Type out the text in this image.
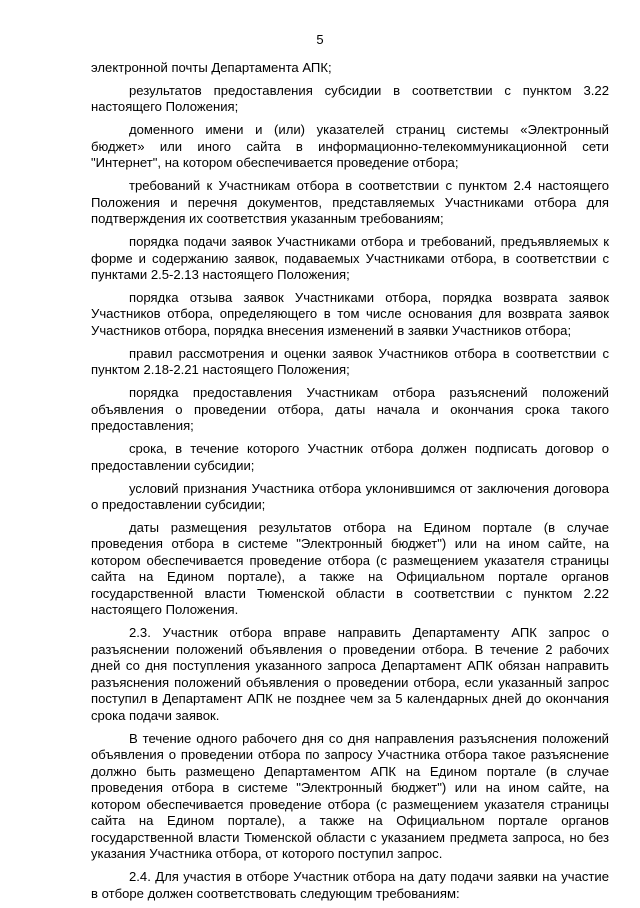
5

электронной почты Департамента АПК;

результатов предоставления субсидии в соответствии с пунктом 3.22 настоящего Положения;

доменного имени и (или) указателей страниц системы «Электронный бюджет» или иного сайта в информационно-телекоммуникационной сети "Интернет", на котором обеспечивается проведение отбора;

требований к Участникам отбора в соответствии с пунктом 2.4 настоящего Положения и перечня документов, представляемых Участниками отбора для подтверждения их соответствия указанным требованиям;

порядка подачи заявок Участниками отбора и требований, предъявляемых к форме и содержанию заявок, подаваемых Участниками отбора, в соответствии с пунктами 2.5-2.13 настоящего Положения;

порядка отзыва заявок Участниками отбора, порядка возврата заявок Участников отбора, определяющего в том числе основания для возврата заявок Участников отбора, порядка внесения изменений в заявки Участников отбора;

правил рассмотрения и оценки заявок Участников отбора в соответствии с пунктом 2.18-2.21 настоящего Положения;

порядка предоставления Участникам отбора разъяснений положений объявления о проведении отбора, даты начала и окончания срока такого предоставления;

срока, в течение которого Участник отбора должен подписать договор о предоставлении субсидии;

условий признания Участника отбора уклонившимся от заключения договора о предоставлении субсидии;

даты размещения результатов отбора на Едином портале (в случае проведения отбора в системе "Электронный бюджет") или на ином сайте, на котором обеспечивается проведение отбора (с размещением указателя страницы сайта на Едином портале), а также на Официальном портале органов государственной власти Тюменской области в соответствии с пунктом 2.22 настоящего Положения.

2.3. Участник отбора вправе направить Департаменту АПК запрос о разъяснении положений объявления о проведении отбора. В течение 2 рабочих дней со дня поступления указанного запроса Департамент АПК обязан направить разъяснения положений объявления о проведении отбора, если указанный запрос поступил в Департамент АПК не позднее чем за 5 календарных дней до окончания срока подачи заявок.

В течение одного рабочего дня со дня направления разъяснения положений объявления о проведении отбора по запросу Участника отбора такое разъяснение должно быть размещено Департаментом АПК на Едином портале (в случае проведения отбора в системе "Электронный бюджет") или на ином сайте, на котором обеспечивается проведение отбора (с размещением указателя страницы сайта на Едином портале), а также на Официальном портале органов государственной власти Тюменской области с указанием предмета запроса, но без указания Участника отбора, от которого поступил запрос.

2.4. Для участия в отборе Участник отбора на дату подачи заявки на участие в отборе должен соответствовать следующим требованиям:
